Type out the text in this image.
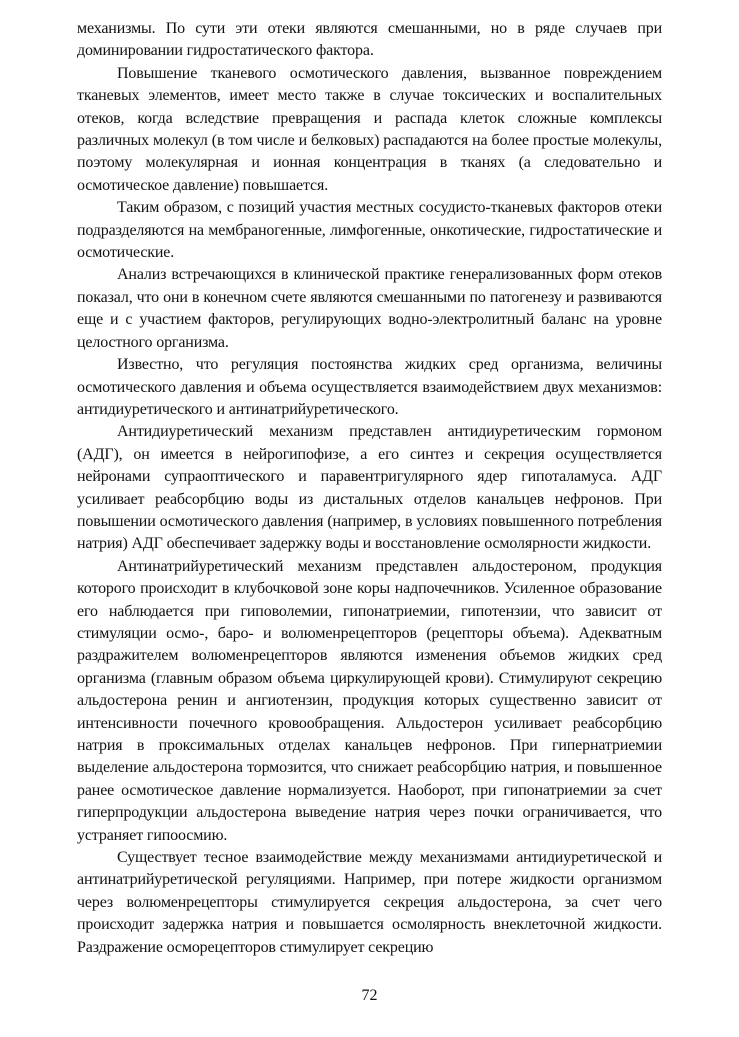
механизмы. По сути эти отеки являются смешанными, но в ряде случаев при доминировании гидростатического фактора.

Повышение тканевого осмотического давления, вызванное повреждением тканевых элементов, имеет место также в случае токсических и воспалительных отеков, когда вследствие превращения и распада клеток сложные комплексы различных молекул (в том числе и белковых) распадаются на более простые молекулы, поэтому молекулярная и ионная концентрация в тканях (а следовательно и осмотическое давление) повышается.

Таким образом, с позиций участия местных сосудисто-тканевых факторов отеки подразделяются на мембраногенные, лимфогенные, онкотические, гидростатические и осмотические.

Анализ встречающихся в клинической практике генерализованных форм отеков показал, что они в конечном счете являются смешанными по патогенезу и развиваются еще и с участием факторов, регулирующих водно-электролитный баланс на уровне целостного организма.

Известно, что регуляция постоянства жидких сред организма, величины осмотического давления и объема осуществляется взаимодействием двух механизмов: антидиуретического и антинатрийуретического.

Антидиуретический механизм представлен антидиуретическим гормоном (АДГ), он имеется в нейрогипофизе, а его синтез и секреция осуществляется нейронами супраоптического и паравентригулярного ядер гипоталамуса. АДГ усиливает реабсорбцию воды из дистальных отделов канальцев нефронов. При повышении осмотического давления (например, в условиях повышенного потребления натрия) АДГ обеспечивает задержку воды и восстановление осмолярности жидкости.

Антинатрийуретический механизм представлен альдостероном, продукция которого происходит в клубочковой зоне коры надпочечников. Усиленное образование его наблюдается при гиповолемии, гипонатриемии, гипотензии, что зависит от стимуляции осмо-, баро- и волюменрецепторов (рецепторы объема). Адекватным раздражителем волюменрецепторов являются изменения объемов жидких сред организма (главным образом объема циркулирующей крови). Стимулируют секрецию альдостерона ренин и ангиотензин, продукция которых существенно зависит от интенсивности почечного кровообращения. Альдостерон усиливает реабсорбцию натрия в проксимальных отделах канальцев нефронов. При гипернатриемии выделение альдостерона тормозится, что снижает реабсорбцию натрия, и повышенное ранее осмотическое давление нормализуется. Наоборот, при гипонатриемии за счет гиперпродукции альдостерона выведение натрия через почки ограничивается, что устраняет гипоосмию.

Существует тесное взаимодействие между механизмами антидиуретической и антинатрийуретической регуляциями. Например, при потере жидкости организмом через волюменрецепторы стимулируется секреция альдостерона, за счет чего происходит задержка натрия и повышается осмолярность внеклеточной жидкости. Раздражение осморецепторов стимулирует секрецию

72
